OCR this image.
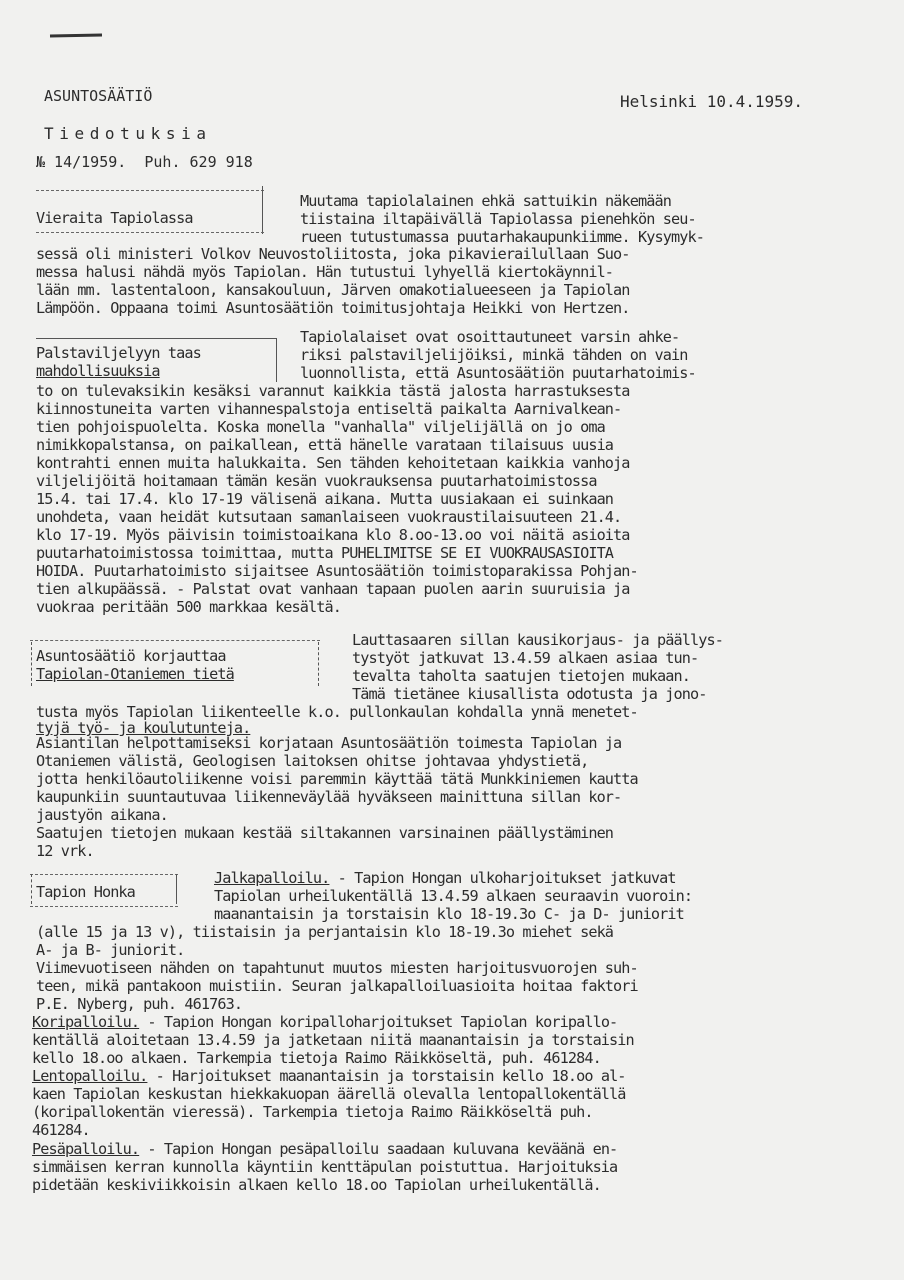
ASUNTOSÄÄTIÖ	Helsinki 10.4.1959.
Tiedotuksia
№ 14/1959.  Puh. 629 918
Vieraita Tapiolassa
Muutama tapiolalainen ehkä sattuikin näkemään
tiistaina iltapäivällä Tapiolassa pienehkön seu-
rueen tutustumassa puutarhakaupunkiimme. Kysymyk-
sessä oli ministeri Volkov Neuvostoliitosta, joka pikavierailullaan Suo-
messa halusi nähdä myös Tapiolan. Hän tutustui lyhyellä kiertokäynnil-
lään mm. lastentaloon, kansakouluun, Järven omakotialueeseen ja Tapiolan
Lämpöön. Oppaana toimi Asuntosäätiön toimitusjohtaja Heikki von Hertzen.
Palstaviljelyyn taas
mahdollisuuksia
Tapiolalaiset ovat osoittautuneet varsin ahke-
riksi palstaviljelijöiksi, minkä tähden on vain
luonnollista, että Asuntosäätiön puutarhatoimis-
to on tulevaksikin kesäksi varannut kaikkia tästä jalosta harrastuksesta
kiinnostuneita varten vihannespalstoja entiseltä paikalta Aarnivalkean-
tien pohjoispuolelta. Koska monella "vanhalla" viljelijällä on jo oma
nimikkopalstansa, on paikallean, että hänelle varataan tilaisuus uusia
kontrahti ennen muita halukkaita. Sen tähden kehoitetaan kaikkia vanhoja
viljelijöitä hoitamaan tämän kesän vuokrauksensa puutarhatoimistossa
15.4. tai 17.4. klo 17-19 välisenä aikana. Mutta uusiakaan ei suinkaan
unohdeta, vaan heidät kutsutaan samanlaiseen vuokraustilaisuuteen 21.4.
klo 17-19. Myös päivisin toimistoaikana klo 8.oo-13.oo voi näitä asioita
puutarhatoimistossa toimittaa, mutta PUHELIMITSE SE EI VUOKRAUSASIOITA
HOIDA. Puutarhatoimisto sijaitsee Asuntosäätiön toimistoparakissa Pohjan-
tien alkupäässä. - Palstat ovat vanhaan tapaan puolen aarin suuruisia ja
vuokraa peritään 500 markkaa kesältä.
Asuntosäätiö korjauttaa
Tapiolan-Otaniemen tietä
Lauttasaaren sillan kausikorjaus- ja päällys-
tystyöt jatkuvat 13.4.59 alkaen asiaa tun-
tevalta taholta saatujen tietojen mukaan.
Tämä tietänee kiusallista odotusta ja jono-
tusta myös Tapiolan liikenteelle k.o. pullonkaulan kohdalla ynnä menetet-
tyjä työ- ja koulutunteja.
Asiantilan helpottamiseksi korjataan Asuntosäätiön toimesta Tapiolan ja
Otaniemen välistä, Geologisen laitoksen ohitse johtavaa yhdystietä,
jotta henkilöautoliikenne voisi paremmin käyttää tätä Munkkiniemen kautta
kaupunkiin suuntautuvaa liikenneväylää hyväkseen mainittuna sillan kor-
jaustyön aikana.
Saatujen tietojen mukaan kestää siltakannen varsinainen päällystäminen
12 vrk.
Tapion Honka
Jalkapalloilu. - Tapion Hongan ulkoharjoitukset jatkuvat
Tapiolan urheilukentällä 13.4.59 alkaen seuraavin vuoroin:
maanantaisin ja torstaisin klo 18-19.3o C- ja D- juniorit
(alle 15 ja 13 v), tiistaisin ja perjantaisin klo 18-19.3o miehet sekä
A- ja B- juniorit.
Viimevuotiseen nähden on tapahtunut muutos miesten harjoitusvuorojen suh-
teen, mikä pantakoon muistiin. Seuran jalkapalloiluasioita hoitaa faktori
P.E. Nyberg, puh. 461763.
Koripalloilu. - Tapion Hongan koripalloharjoitukset Tapiolan koripallo-
kentällä aloitetaan 13.4.59 ja jatketaan niitä maanantaisin ja torstaisin
kello 18.oo alkaen. Tarkempia tietoja Raimo Räikköseltä, puh. 461284.
Lentopalloilu. - Harjoitukset maanantaisin ja torstaisin kello 18.oo al-
kaen Tapiolan keskustan hiekkakuopan äärellä olevalla lentopallokentällä
(koripallokentän vieressä). Tarkempia tietoja Raimo Räikköseltä puh.
461284.
Pesäpalloilu. - Tapion Hongan pesäpalloilu saadaan kuluvana keväänä en-
simmäisen kerran kunnolla käyntiin kenttäpulan poistuttua. Harjoituksia
pidetään keskiviikkoisin alkaen kello 18.oo Tapiolan urheilukentällä.
